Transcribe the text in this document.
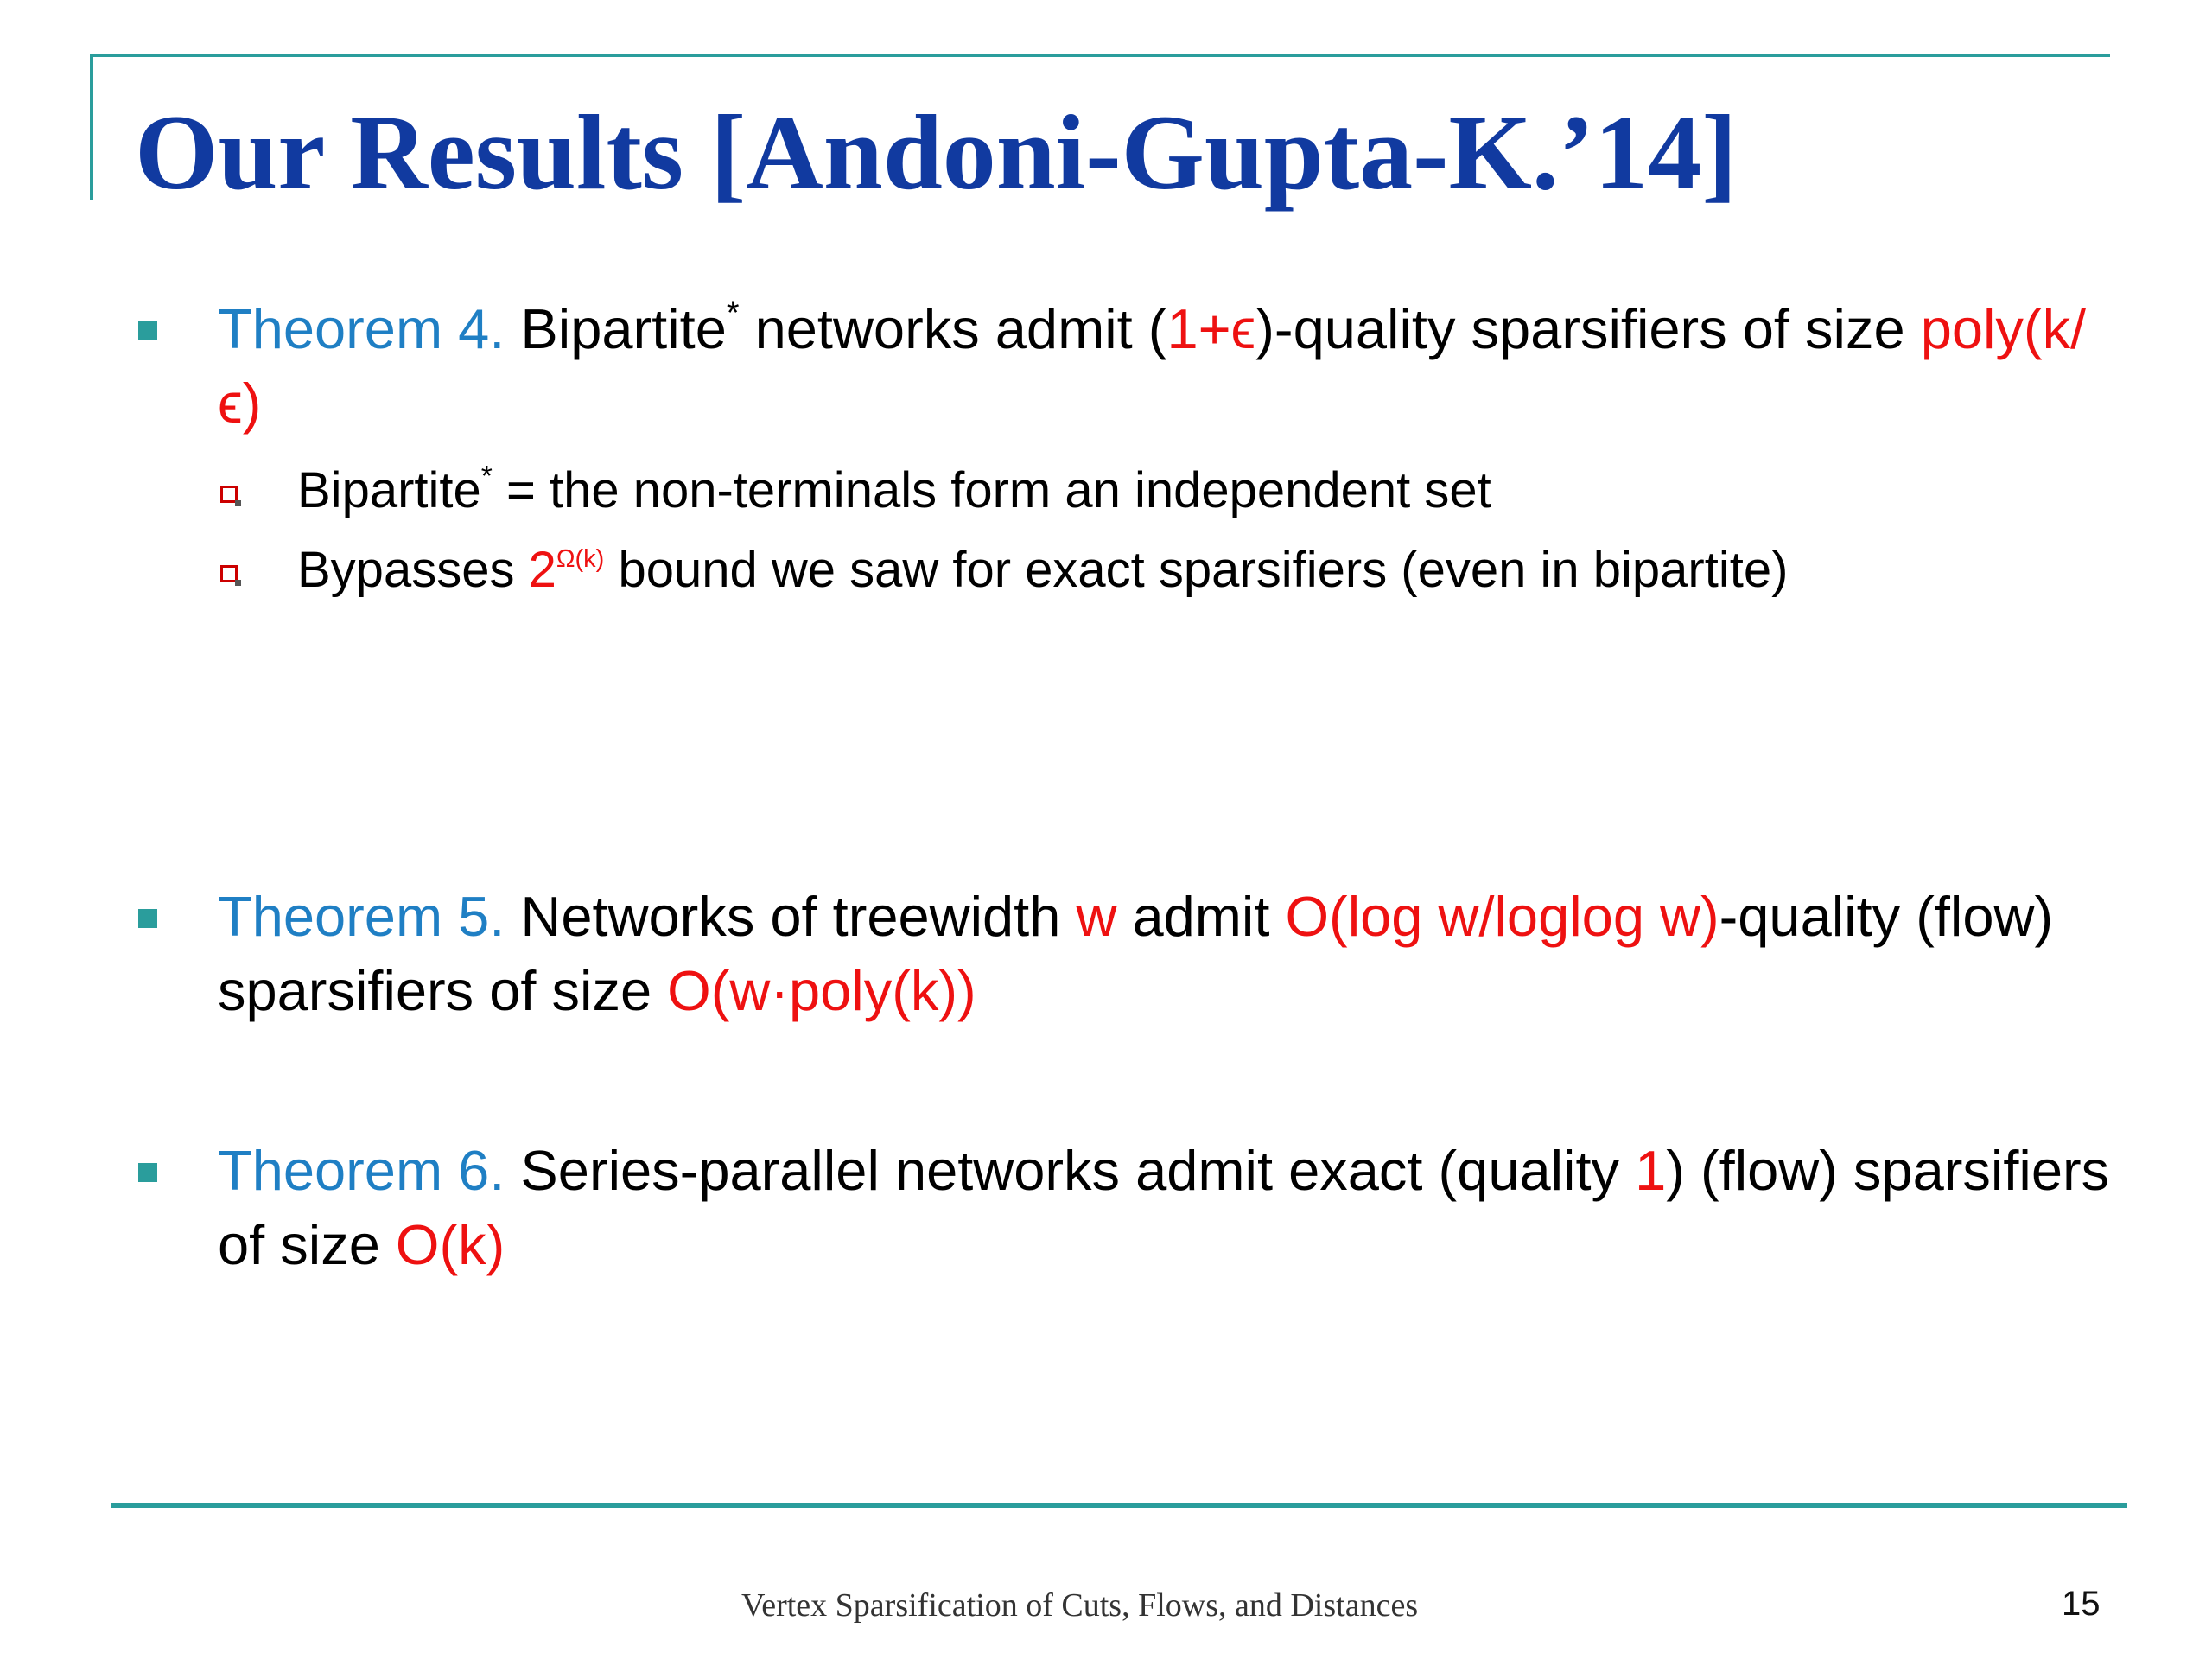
Our Results [Andoni-Gupta-K.’14]
Theorem 4. Bipartite* networks admit (1+ϵ)-quality sparsifiers of size poly(k/ϵ)
Bipartite* = the non-terminals form an independent set
Bypasses $2^{\Omega(k)}$ bound we saw for exact sparsifiers (even in bipartite)
Theorem 5. Networks of treewidth w admit O(log w/loglog w)-quality (flow) sparsifiers of size O(w·poly(k))
Theorem 6. Series-parallel networks admit exact (quality 1) (flow) sparsifiers of size O(k)
Vertex Sparsification of Cuts, Flows, and Distances	15
